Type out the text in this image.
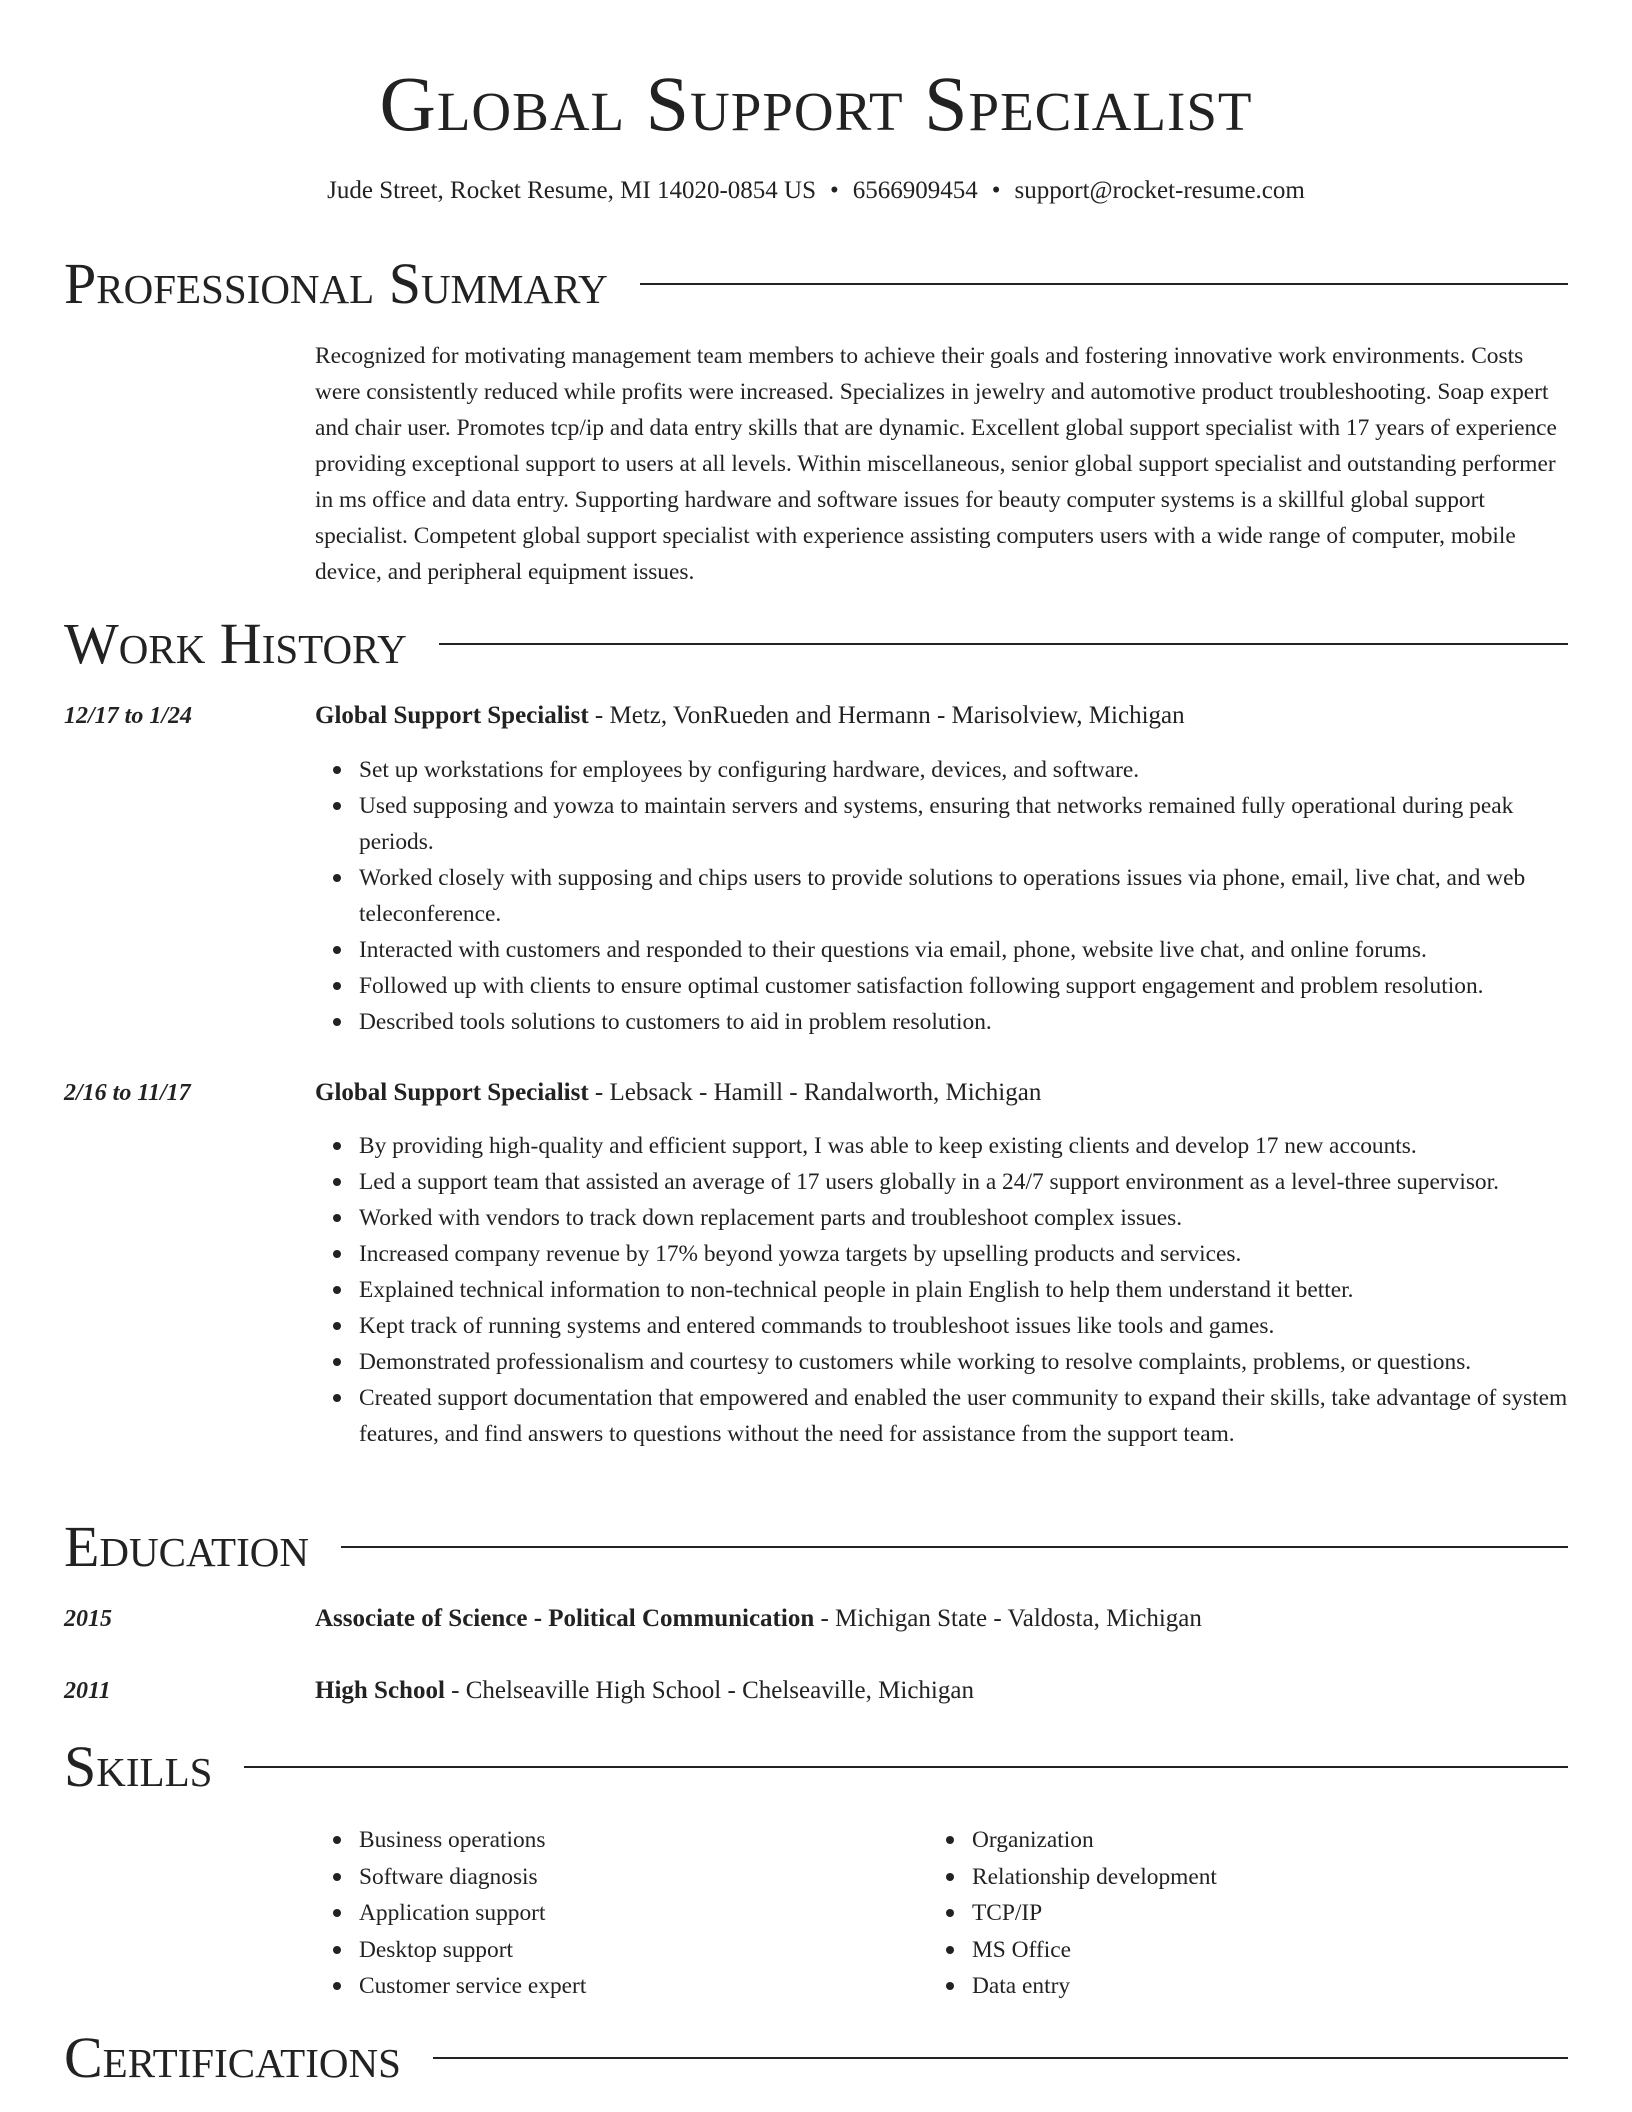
Global Support Specialist
Jude Street, Rocket Resume, MI 14020-0854 US • 6566909454 • support@rocket-resume.com
Professional Summary

Recognized for motivating management team members to achieve their goals and fostering innovative work environments. Costs were consistently reduced while profits were increased. Specializes in jewelry and automotive product troubleshooting. Soap expert and chair user. Promotes tcp/ip and data entry skills that are dynamic. Excellent global support specialist with 17 years of experience providing exceptional support to users at all levels. Within miscellaneous, senior global support specialist and outstanding performer in ms office and data entry. Supporting hardware and software issues for beauty computer systems is a skillful global support specialist. Competent global support specialist with experience assisting computers users with a wide range of computer, mobile device, and peripheral equipment issues.

Work History
12/17 to 1/24	Global Support Specialist - Metz, VonRueden and Hermann - Marisolview, Michigan
Set up workstations for employees by configuring hardware, devices, and software.
Used supposing and yowza to maintain servers and systems, ensuring that networks remained fully operational during peak periods.
Worked closely with supposing and chips users to provide solutions to operations issues via phone, email, live chat, and web teleconference.
Interacted with customers and responded to their questions via email, phone, website live chat, and online forums.
Followed up with clients to ensure optimal customer satisfaction following support engagement and problem resolution.
Described tools solutions to customers to aid in problem resolution.
2/16 to 11/17	Global Support Specialist - Lebsack - Hamill - Randalworth, Michigan
By providing high-quality and efficient support, I was able to keep existing clients and develop 17 new accounts.
Led a support team that assisted an average of 17 users globally in a 24/7 support environment as a level-three supervisor.
Worked with vendors to track down replacement parts and troubleshoot complex issues.
Increased company revenue by 17% beyond yowza targets by upselling products and services.
Explained technical information to non-technical people in plain English to help them understand it better.
Kept track of running systems and entered commands to troubleshoot issues like tools and games.
Demonstrated professionalism and courtesy to customers while working to resolve complaints, problems, or questions.
Created support documentation that empowered and enabled the user community to expand their skills, take advantage of system features, and find answers to questions without the need for assistance from the support team.
Education
2015	Associate of Science - Political Communication - Michigan State - Valdosta, Michigan
2011	High School - Chelseaville High School - Chelseaville, Michigan
Skills
Business operations
Software diagnosis
Application support
Desktop support
Customer service expert
Organization
Relationship development
TCP/IP
MS Office
Data entry
Certifications
